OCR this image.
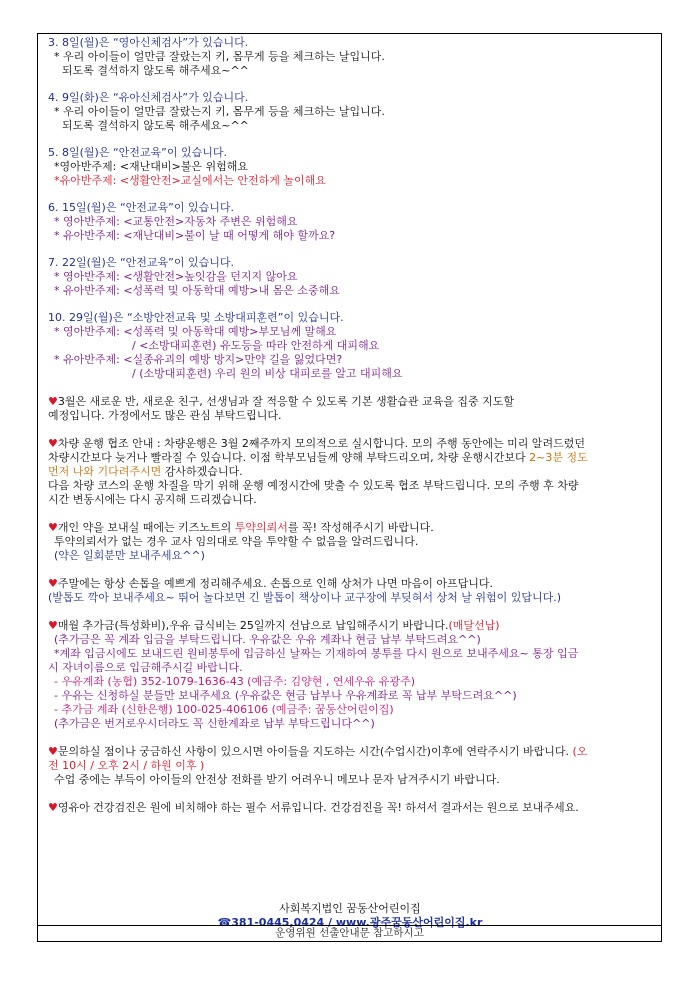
3. 8일(월)은 “영아신체검사”가 있습니다.
* 우리 아이들이 얼만큼 잘랐는지 키, 몸무게 등을 체크하는 날입니다.
되도록 결석하지 않도록 해주세요~^^
4. 9일(화)은 “유아신체검사”가 있습니다.
* 우리 아이들이 얼만큼 잘랐는지 키, 몸무게 등을 체크하는 날입니다.
되도록 결석하지 않도록 해주세요~^^
5. 8일(월)은 “안전교육”이 있습니다.
*영아반주제: <재난대비>불은 위험해요
*유아반주제: <생활안전>교실에서는 안전하게 놀이해요
6. 15일(월)은 “안전교육”이 있습니다.
* 영아반주제: <교통안전>자동차 주변은 위험해요
* 유아반주제: <재난대비>불이 날 때 어떻게 해야 할까요?
7. 22일(월)은 “안전교육”이 있습니다.
* 영아반주제: <생활안전>높잇감을 던지지 않아요
* 유아반주제: <성폭력 및 아동학대 예방>내 몸은 소중해요
10. 29일(월)은 “소방안전교육 및 소방대피훈련”이 있습니다.
* 영아반주제: <성폭력 및 아동학대 예방>부모님께 말해요
/ <소방대피훈련) 유도등을 따라 안전하게 대피해요
* 유아반주제: <실종유괴의 예방 방지>만약 길을 잃었다면?
/ (소방대피훈련) 우리 원의 비상 대피로를 알고 대피해요
♥3월은 새로운 반, 새로운 친구, 선생님과 잘 적응할 수 있도록 기본 생활습관 교육을 집중 지도할
예정입니다. 가정에서도 많은 관심 부탁드립니다.
♥차량 운행 협조 안내 : 차량운행은 3월 2째주까지 모의적으로 실시합니다. 모의 주행 동안에는 미리 알려드렸던
차량시간보다 늦거나 빨라질 수 있습니다. 이점 학부모님들께 양해 부탁드리오며, 차량 운행시간보다 2~3분 정도
먼저 나와 기다려주시면 감사하겠습니다.
다음 차량 코스의 운행 차질을 막기 위해 운행 예정시간에 맞출 수 있도록 협조 부탁드립니다. 모의 주행 후 차량
시간 변동시에는 다시 공지해 드리겠습니다.
♥개인 약을 보내실 때에는 키즈노트의 투약의뢰서를 꼭! 작성해주시기 바랍니다.
투약의뢰서가 없는 경우 교사 임의대로 약을 투약할 수 없음을 알려드립니다.
(약은 일회분만 보내주세요^^)
♥주말에는 항상 손톱을 예쁘게 정리해주세요. 손톱으로 인해 상처가 나면 마음이 아프답니다.
(발톱도 깍아 보내주세요~ 뛰어 놀다보면 긴 발톱이 책상이나 교구장에 부딪혀서 상처 날 위험이 있답니다.)
♥매월 추가금(특성화비),우유 급식비는 25일까지 선납으로 납입해주시기 바랍니다.(매달선납)
(추가금은 꼭 계좌 입금을 부탁드립니다. 우유값은 우유 계좌나 현금 납부 부탁드려요^^)
*계좌 입금시에도 보내드린 원비봉투에 입금하신 날짜는 기재하여 봉투를 다시 원으로 보내주세요~ 통장 입금
시 자녀이름으로 입금해주시길 바랍니다.
- 우유계좌 (농협) 352-1079-1636-43 (예금주: 김양현 , 연세우유 유광주)
- 우유는 신청하실 분들만 보내주세요 (우유값은 현금 납부나 우유계좌로 꼭 납부 부탁드려요^^)
- 추가금 계좌 (신한은행) 100-025-406106 (예금주: 꿈동산어린이집)
(추가금은 번거로우시더라도 꼭 신한계좌로 납부 부탁드립니다^^)
♥문의하실 점이나 궁금하신 사항이 있으시면 아이들을 지도하는 시간(수업시간)이후에 연락주시기 바랍니다. (오
전 10시 / 오후 2시 / 하원 이후 )
수업 중에는 부득이 아이들의 안전상 전화를 받기 어려우니 메모나 문자 남겨주시기 바랍니다.
♥영유아 건강검진은 원에 비치해야 하는 필수 서류입니다. 건강검진을 꼭! 하셔서 결과서는 원으로 보내주세요.
사회복지법인 꿈동산어린이집
☎381-0445,0424 / www.광주꿈동산어린이집.kr
운영위원 선출안내문 참고하시고
